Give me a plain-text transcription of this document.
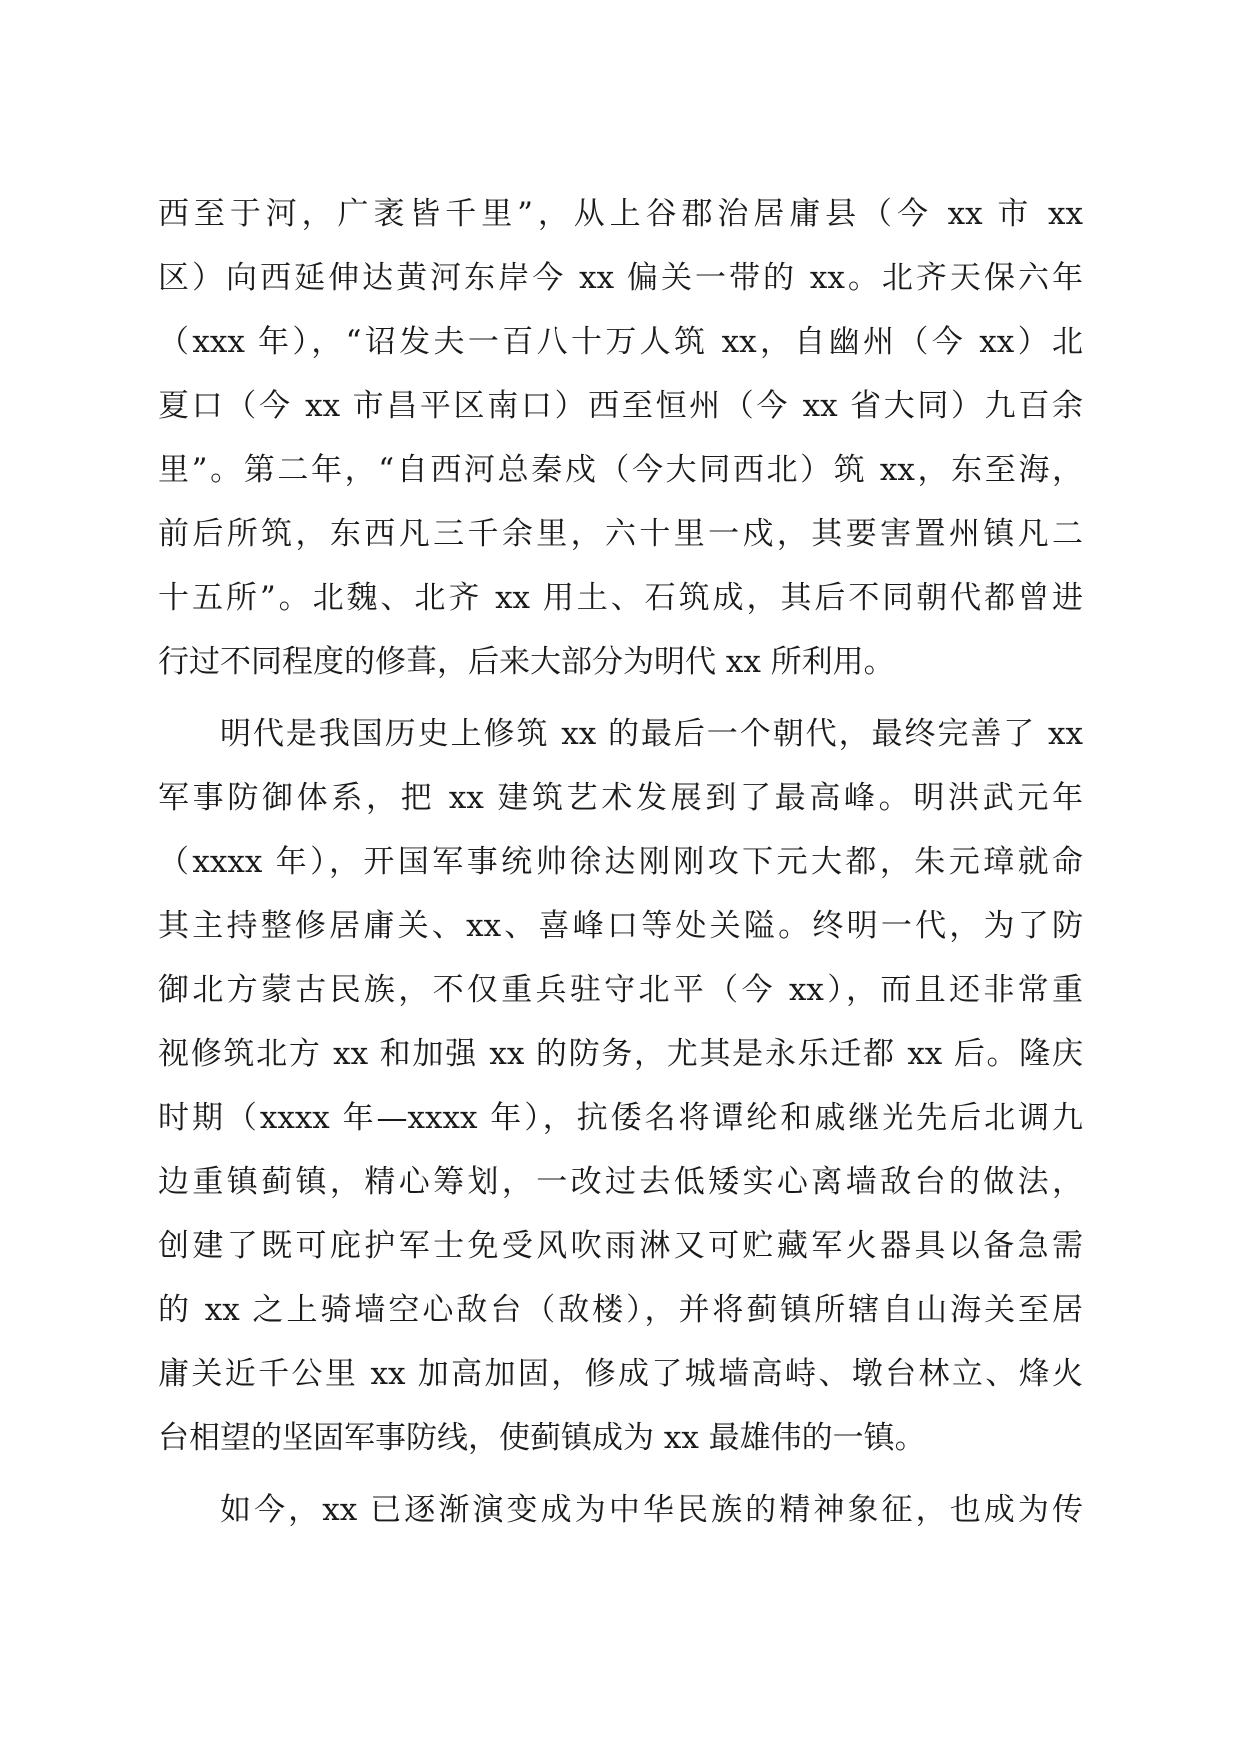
西至于河，广袤皆千里”，从上谷郡治居庸县（今 xx 市 xx
区）向西延伸达黄河东岸今 xx 偏关一带的 xx。北齐天保六年
（xxx 年），“诏发夫一百八十万人筑 xx，自幽州（今 xx）北
夏口（今 xx 市昌平区南口）西至恒州（今 xx 省大同）九百余
里”。第二年，“自西河总秦戍（今大同西北）筑 xx，东至海，
前后所筑，东西凡三千余里，六十里一戍，其要害置州镇凡二
十五所”。北魏、北齐 xx 用土、石筑成，其后不同朝代都曾进
行过不同程度的修葺，后来大部分为明代 xx 所利用。
明代是我国历史上修筑 xx 的最后一个朝代，最终完善了 xx
军事防御体系，把 xx 建筑艺术发展到了最高峰。明洪武元年
（xxxx 年），开国军事统帅徐达刚刚攻下元大都，朱元璋就命
其主持整修居庸关、xx、喜峰口等处关隘。终明一代，为了防
御北方蒙古民族，不仅重兵驻守北平（今 xx），而且还非常重
视修筑北方 xx 和加强 xx 的防务，尤其是永乐迁都 xx 后。隆庆
时期（xxxx 年—xxxx 年），抗倭名将谭纶和戚继光先后北调九
边重镇蓟镇，精心筹划，一改过去低矮实心离墙敌台的做法，
创建了既可庇护军士免受风吹雨淋又可贮藏军火器具以备急需
的 xx 之上骑墙空心敌台（敌楼），并将蓟镇所辖自山海关至居
庸关近千公里 xx 加高加固，修成了城墙高峙、墩台林立、烽火
台相望的坚固军事防线，使蓟镇成为 xx 最雄伟的一镇。
如今，xx 已逐渐演变成为中华民族的精神象征，也成为传
